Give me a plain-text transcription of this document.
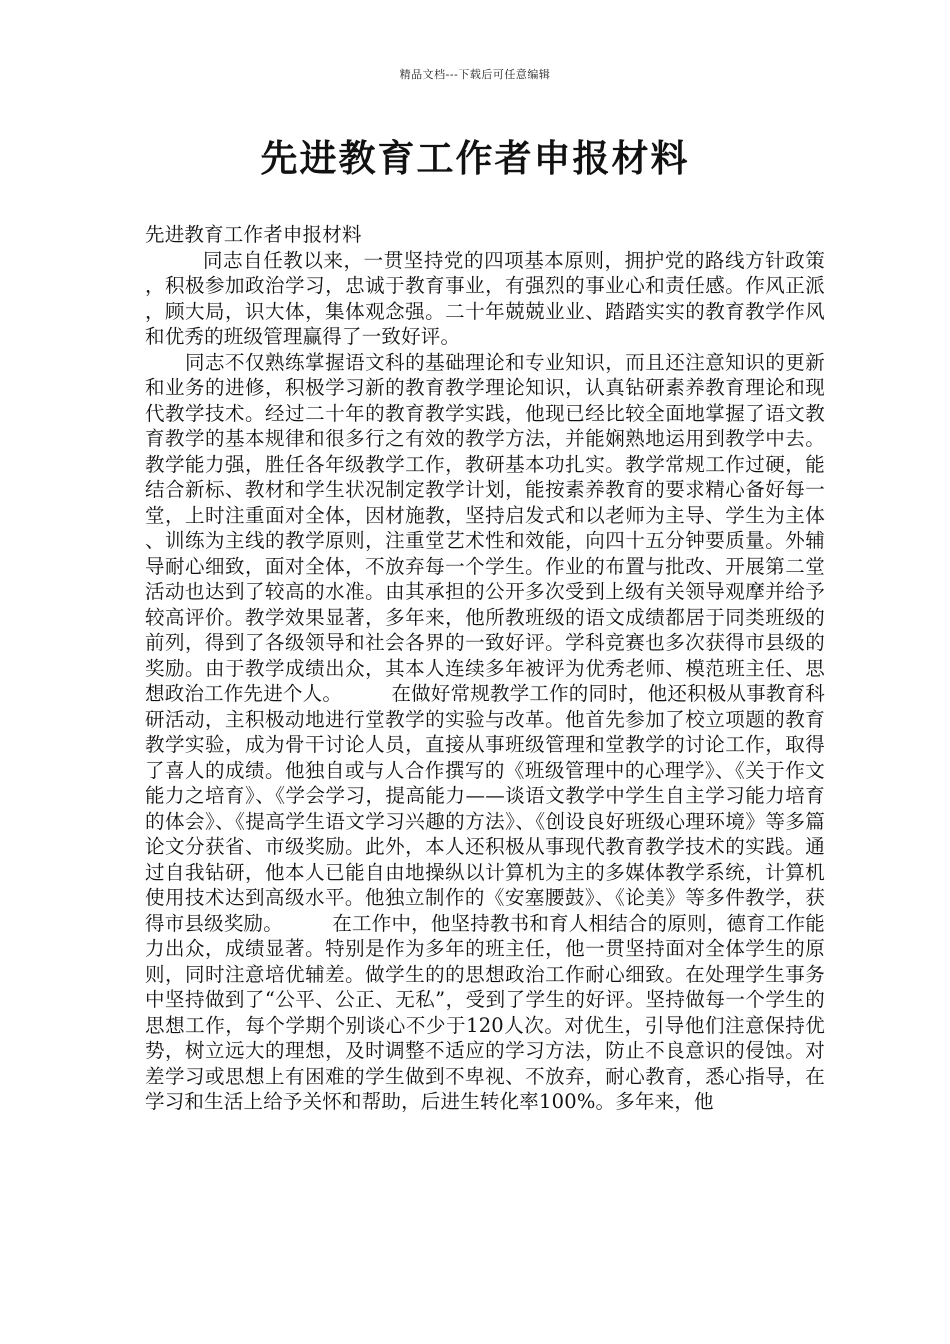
精品文档---下载后可任意编辑
先进教育工作者申报材料

先进教育工作者申报材料

同志自任教以来，一贯坚持党的四项基本原则，拥护党的路线方针政策，积极参加政治学习，忠诚于教育事业，有强烈的事业心和责任感。作风正派，顾大局，识大体，集体观念强。二十年兢兢业业、踏踏实实的教育教学作风和优秀的班级管理赢得了一致好评。

同志不仅熟练掌握语文科的基础理论和专业知识，而且还注意知识的更新和业务的进修，积极学习新的教育教学理论知识，认真钻研素养教育理论和现代教学技术。经过二十年的教育教学实践，他现已经比较全面地掌握了语文教育教学的基本规律和很多行之有效的教学方法，并能娴熟地运用到教学中去。教学能力强，胜任各年级教学工作，教研基本功扎实。教学常规工作过硬，能结合新标、教材和学生状况制定教学计划，能按素养教育的要求精心备好每一堂，上时注重面对全体，因材施教，坚持启发式和以老师为主导、学生为主体、训练为主线的教学原则，注重堂艺术性和效能，向四十五分钟要质量。外辅导耐心细致，面对全体，不放弃每一个学生。作业的布置与批改、开展第二堂活动也达到了较高的水准。由其承担的公开多次受到上级有关领导观摩并给予较高评价。教学效果显著，多年来，他所教班级的语文成绩都居于同类班级的前列，得到了各级领导和社会各界的一致好评。学科竞赛也多次获得市县级的奖励。由于教学成绩出众，其本人连续多年被评为优秀老师、模范班主任、思想政治工作先进个人。　　　在做好常规教学工作的同时，他还积极从事教育科研活动，主积极动地进行堂教学的实验与改革。他首先参加了校立项题的教育教学实验，成为骨干讨论人员，直接从事班级管理和堂教学的讨论工作，取得了喜人的成绩。他独自或与人合作撰写的《班级管理中的心理学》、《关于作文能力之培育》、《学会学习，提高能力——谈语文教学中学生自主学习能力培育的体会》、《提高学生语文学习兴趣的方法》、《创设良好班级心理环境》等多篇论文分获省、市级奖励。此外，本人还积极从事现代教育教学技术的实践。通过自我钻研，他本人已能自由地操纵以计算机为主的多媒体教学系统，计算机使用技术达到高级水平。他独立制作的《安塞腰鼓》、《论美》等多件教学，获得市县级奖励。　　　在工作中，他坚持教书和育人相结合的原则，德育工作能力出众，成绩显著。特别是作为多年的班主任，他一贯坚持面对全体学生的原则，同时注意培优辅差。做学生的的思想政治工作耐心细致。在处理学生事务中坚持做到了“公平、公正、无私”，受到了学生的好评。坚持做每一个学生的思想工作，每个学期个别谈心不少于120人次。对优生，引导他们注意保持优势，树立远大的理想，及时调整不适应的学习方法，防止不良意识的侵蚀。对差学习或思想上有困难的学生做到不卑视、不放弃，耐心教育，悉心指导，在学习和生活上给予关怀和帮助，后进生转化率100%。多年来，他
